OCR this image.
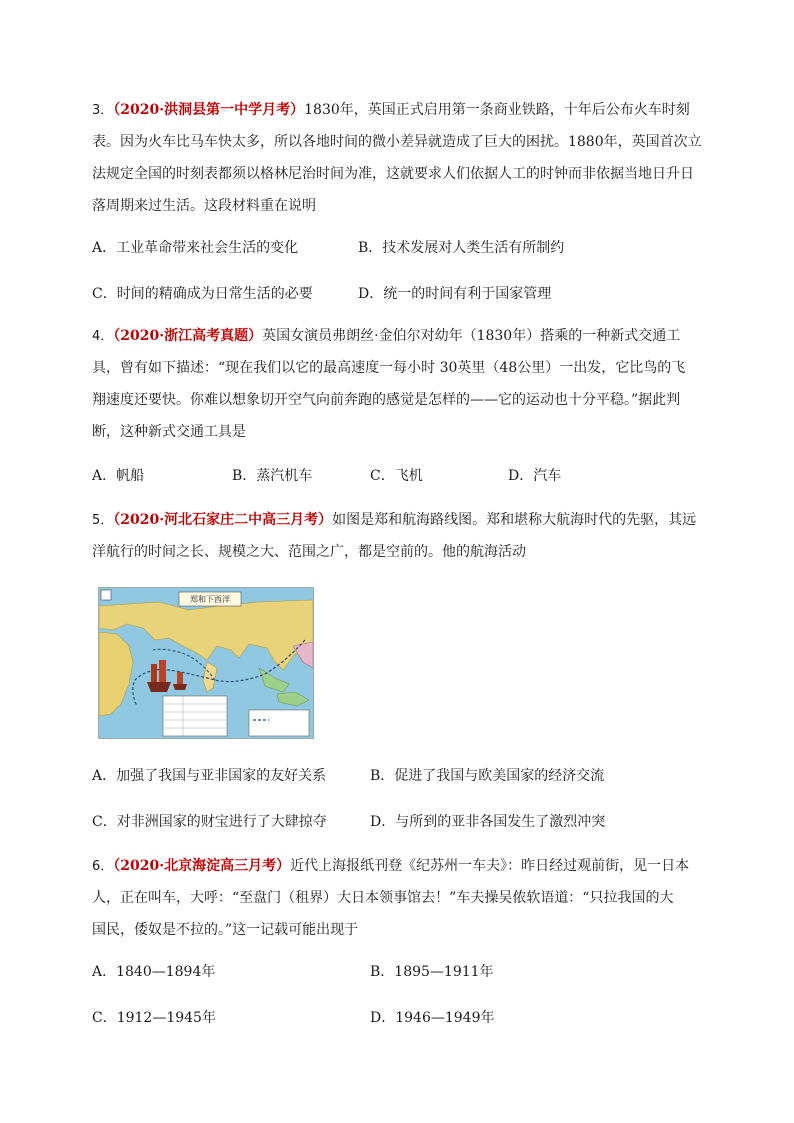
3．（2020·洪洞县第一中学月考）1830年，英国正式启用第一条商业铁路，十年后公布火车时刻
表。因为火车比马车快太多，所以各地时间的微小差异就造成了巨大的困扰。1880年，英国首次立
法规定全国的时刻表都须以格林尼治时间为准，这就要求人们依据人工的时钟而非依据当地日升日
落周期来过生活。这段材料重在说明
A．工业革命带来社会生活的变化	B．技术发展对人类生活有所制约
C．时间的精确成为日常生活的必要	D．统一的时间有利于国家管理
4．（2020·浙江高考真题）英国女演员弗朗丝·金伯尔对幼年（1830年）搭乘的一种新式交通工
具，曾有如下描述：“现在我们以它的最高速度一每小时 30英里（48公里）一出发，它比鸟的飞
翔速度还要快。你难以想象切开空气向前奔跑的感觉是怎样的——它的运动也十分平稳。”据此判
断，这种新式交通工具是
A．帆船	B．蒸汽机车	C．飞机	D．汽车
5．（2020·河北石家庄二中高三月考）如图是郑和航海路线图。郑和堪称大航海时代的先驱，其远
洋航行的时间之长、规模之大、范围之广，都是空前的。他的航海活动
郑和下西洋
A．加强了我国与亚非国家的友好关系	B．促进了我国与欧美国家的经济交流
C．对非洲国家的财宝进行了大肆掠夺	D．与所到的亚非各国发生了激烈冲突
6．（2020·北京海淀高三月考）近代上海报纸刊登《纪苏州一车夫》：昨日经过观前街，见一日本
人，正在叫车，大呼：“至盘门（租界）大日本领事馆去！”车夫操吴侬软语道：“只拉我国的大
国民，倭奴是不拉的。”这一记载可能出现于
A．1840—1894年	B．1895—1911年
C．1912—1945年	D．1946—1949年
